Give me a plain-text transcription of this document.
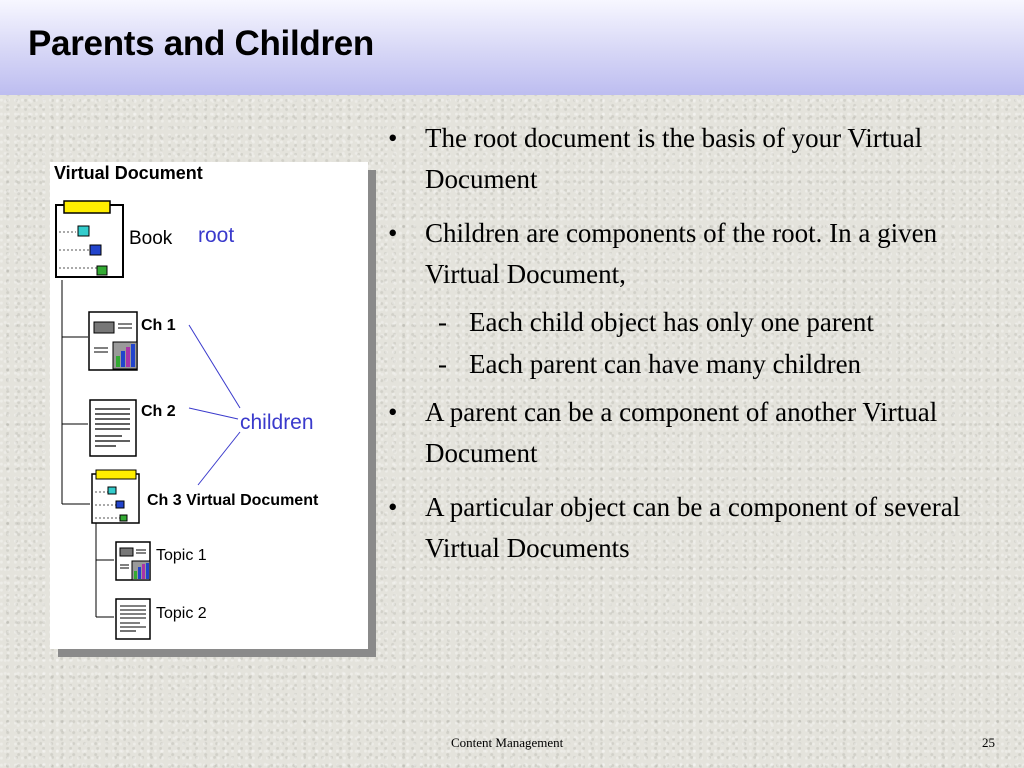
Parents and Children
Virtual Document
Book root
Ch 1
Ch 2	children
Ch 3 Virtual Document
Topic 1
Topic 2
•	The root document is the basis of your Virtual Document
•	Children are components of the root. In a given Virtual Document,
- Each child object has only one parent
- Each parent can have many children
•	A parent can be a component of another Virtual Document
•	A particular object can be a component of several Virtual Documents
Content Management	25
